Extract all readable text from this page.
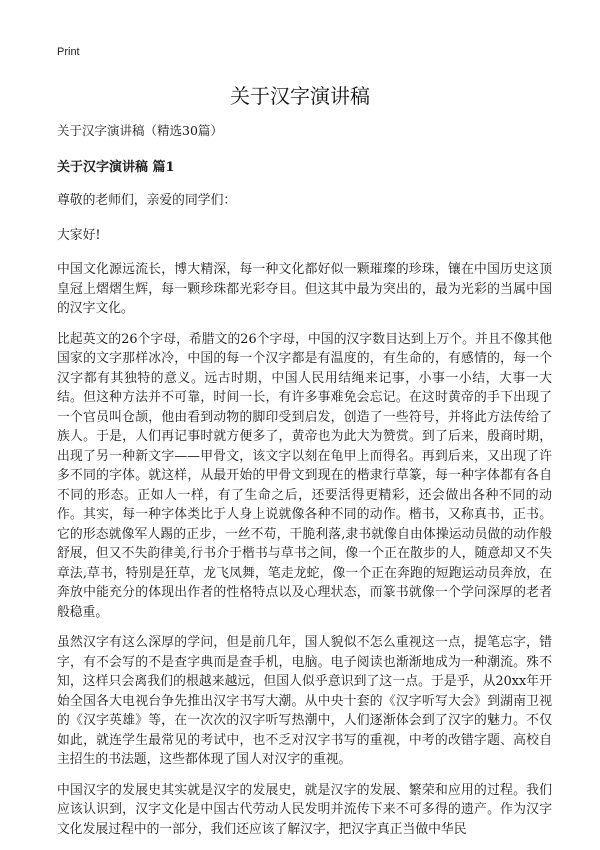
Print
关于汉字演讲稿

关于汉字演讲稿（精选30篇）

关于汉字演讲稿 篇1

尊敬的老师们，亲爱的同学们：

大家好!

中国文化源远流长，博大精深，每一种文化都好似一颗璀璨的珍珠，镶在中国历史这顶皇冠上熠熠生辉，每一颗珍珠都光彩夺目。但这其中最为突出的，最为光彩的当属中国的汉字文化。

比起英文的26个字母，希腊文的26个字母，中国的汉字数目达到上万个。并且不像其他国家的文字那样冰冷，中国的每一个汉字都是有温度的，有生命的，有感情的，每一个汉字都有其独特的意义。远古时期，中国人民用结绳来记事，小事一小结，大事一大结。但这种方法并不可靠，时间一长，有许多事难免会忘记。在这时黄帝的手下出现了一个官员叫仓颉，他由看到动物的脚印受到启发，创造了一些符号，并将此方法传给了族人。于是，人们再记事时就方便多了，黄帝也为此大为赞赏。到了后来，殷商时期，出现了另一种新文字——甲骨文，该文字以刻在龟甲上而得名。再到后来，又出现了许多不同的字体。就这样，从最开始的甲骨文到现在的楷隶行草篆，每一种字体都有各自不同的形态。正如人一样，有了生命之后，还要活得更精彩，还会做出各种不同的动作。其实，每一种字体类比于人身上说就像各种不同的动作。楷书，又称真书，正书。它的形态就像军人踢的正步，一丝不苟，干脆利落,隶书就像自由体操运动员做的动作般舒展，但又不失韵律美,行书介于楷书与草书之间，像一个正在散步的人，随意却又不失章法,草书，特别是狂草，龙飞凤舞，笔走龙蛇，像一个正在奔跑的短跑运动员奔放，在奔放中能充分的体现出作者的性格特点以及心理状态，而篆书就像一个学问深厚的老者般稳重。

虽然汉字有这么深厚的学问，但是前几年，国人貌似不怎么重视这一点，提笔忘字，错字，有不会写的不是查字典而是查手机，电脑。电子阅读也渐渐地成为一种潮流。殊不知，这样只会离我们的根越来越远，但国人似乎意识到了这一点。于是乎，从20xx年开始全国各大电视台争先推出汉字书写大潮。从中央十套的《汉字听写大会》到湖南卫视的《汉字英雄》等，在一次次的汉字听写热潮中，人们逐渐体会到了汉字的魅力。不仅如此，就连学生最常见的考试中，也不乏对汉字书写的重视，中考的改错字题、高校自主招生的书法题，这些都体现了国人对汉字的重视。

中国汉字的发展史其实就是汉字的发展史，就是汉字的发展、繁荣和应用的过程。我们应该认识到，汉字文化是中国古代劳动人民发明并流传下来不可多得的遗产。作为汉字文化发展过程中的一部分，我们还应该了解汉字，把汉字真正当做中华民
